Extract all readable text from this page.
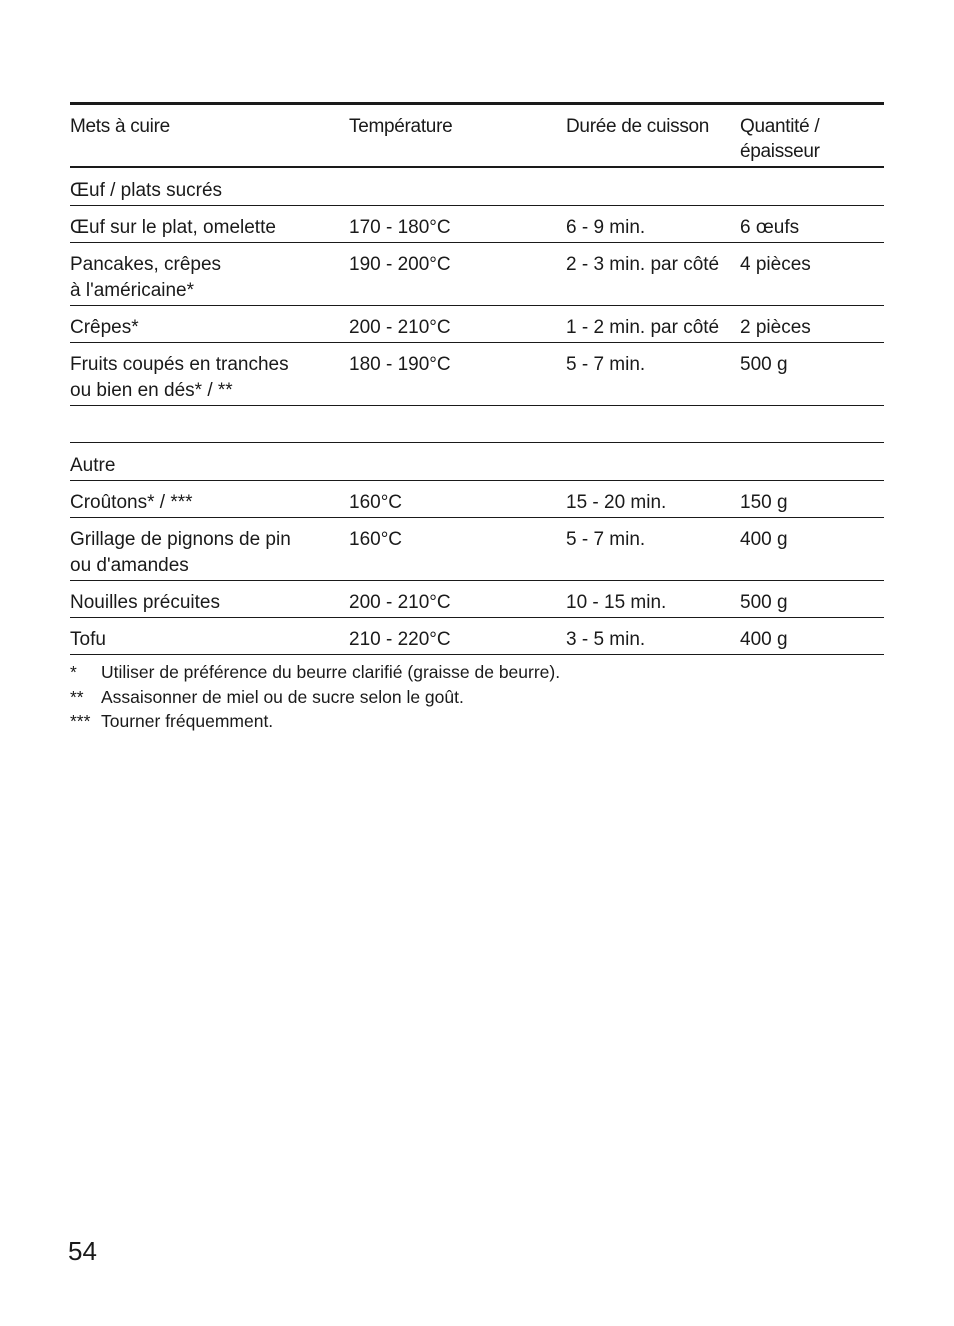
Mets à cuire	Température	Durée de cuisson	Quantité /
épaisseur
Œuf / plats sucrés
Œuf sur le plat, omelette	170 - 180°C	6 - 9 min.	6 œufs
Pancakes, crêpes
à l'américaine*
190 - 200°C	2 - 3 min. par côté	4 pièces
Crêpes*	200 - 210°C	1 - 2 min. par côté	2 pièces
Fruits coupés en tranches
ou bien en dés* / **
180 - 190°C	5 - 7 min.	500 g
Autre
Croûtons* / ***	160°C	15 - 20 min.	150 g
Grillage de pignons de pin
ou d'amandes
160°C	5 - 7 min.	400 g
Nouilles précuites	200 - 210°C	10 - 15 min.	500 g
Tofu	210 - 220°C	3 - 5 min.	400 g
*	Utiliser de préférence du beurre clarifié (graisse de beurre).
** Assaisonner de miel ou de sucre selon le goût.
*** Tourner fréquemment.
54
